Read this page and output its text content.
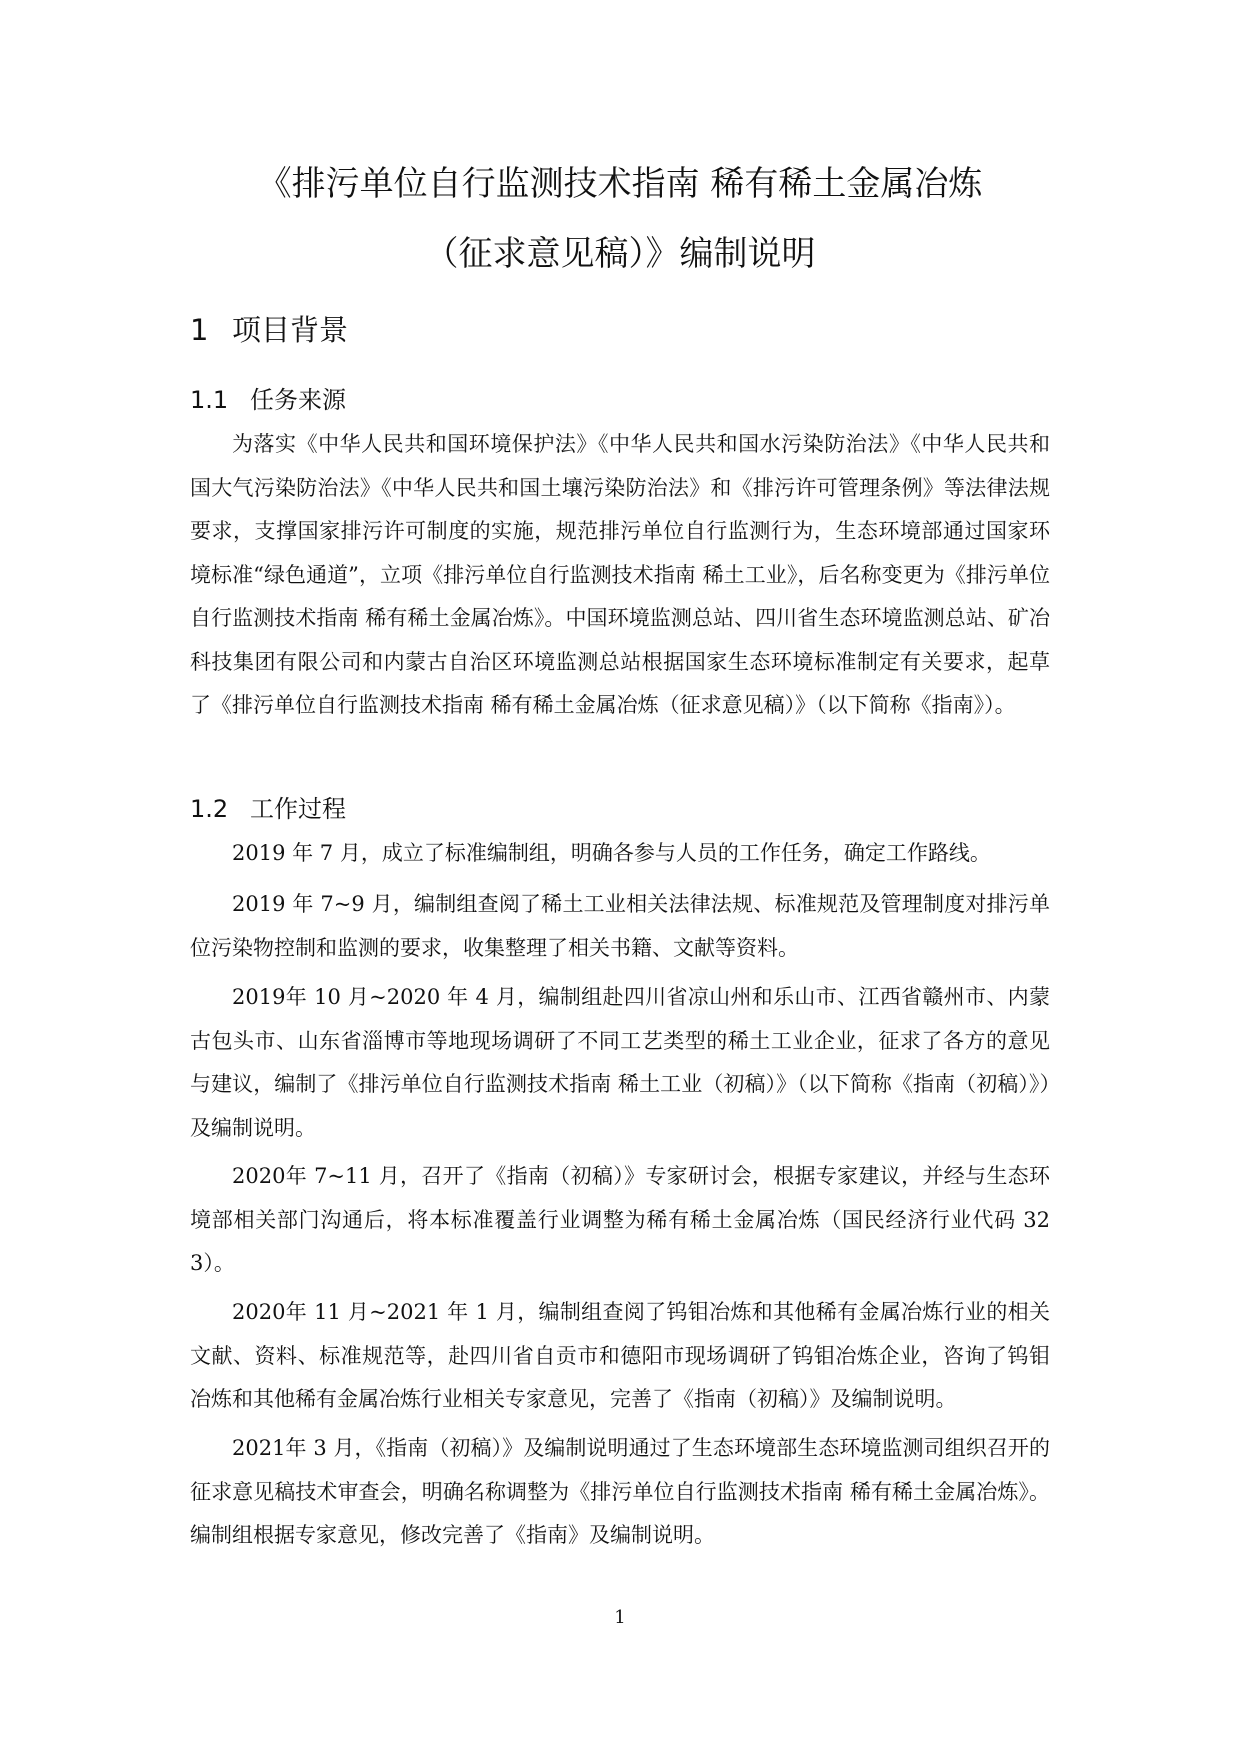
《排污单位自行监测技术指南 稀有稀土金属冶炼
（征求意见稿）》编制说明
1 项目背景
1.1 任务来源

为落实《中华人民共和国环境保护法》《中华人民共和国水污染防治法》《中华人民共和国大气污染防治法》《中华人民共和国土壤污染防治法》和《排污许可管理条例》等法律法规要求，支撑国家排污许可制度的实施，规范排污单位自行监测行为，生态环境部通过国家环境标准“绿色通道”，立项《排污单位自行监测技术指南 稀土工业》，后名称变更为《排污单位自行监测技术指南 稀有稀土金属冶炼》。中国环境监测总站、四川省生态环境监测总站、矿冶科技集团有限公司和内蒙古自治区环境监测总站根据国家生态环境标准制定有关要求，起草了《排污单位自行监测技术指南 稀有稀土金属冶炼（征求意见稿）》（以下简称《指南》）。

1.2 工作过程

2019 年 7 月，成立了标准编制组，明确各参与人员的工作任务，确定工作路线。

2019 年 7~9 月，编制组查阅了稀土工业相关法律法规、标准规范及管理制度对排污单位污染物控制和监测的要求，收集整理了相关书籍、文献等资料。

2019年 10 月~2020 年 4 月，编制组赴四川省凉山州和乐山市、江西省赣州市、内蒙古包头市、山东省淄博市等地现场调研了不同工艺类型的稀土工业企业，征求了各方的意见与建议，编制了《排污单位自行监测技术指南 稀土工业（初稿）》（以下简称《指南（初稿）》）及编制说明。

2020年 7~11 月，召开了《指南（初稿）》专家研讨会，根据专家建议，并经与生态环境部相关部门沟通后，将本标准覆盖行业调整为稀有稀土金属冶炼（国民经济行业代码 323）。

2020年 11 月~2021 年 1 月，编制组查阅了钨钼冶炼和其他稀有金属冶炼行业的相关文献、资料、标准规范等，赴四川省自贡市和德阳市现场调研了钨钼冶炼企业，咨询了钨钼冶炼和其他稀有金属冶炼行业相关专家意见，完善了《指南（初稿）》及编制说明。

2021年 3 月，《指南（初稿）》及编制说明通过了生态环境部生态环境监测司组织召开的征求意见稿技术审查会，明确名称调整为《排污单位自行监测技术指南 稀有稀土金属冶炼》。编制组根据专家意见，修改完善了《指南》及编制说明。

1
